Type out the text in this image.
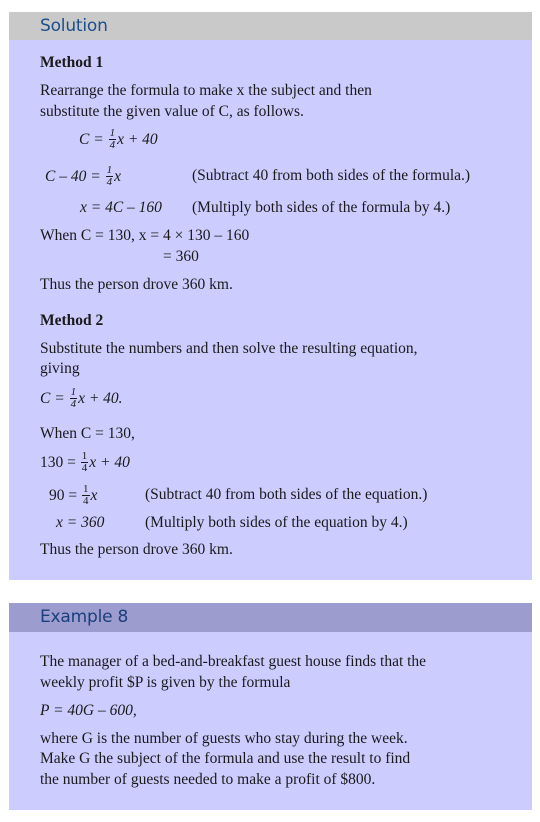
Solution
Method 1
Rearrange the formula to make x the subject and then
substitute the given value of C, as follows.
$C = \frac{1}{4}$ x + 40
$C - 40 = \frac{1}{4}$ x	(Subtract 40 from both sides of the formula.)
x = 4C – 160 (Multiply both sides of the formula by 4.)
When C = 130, x = 4 × 130 – 160
= 360
Thus the person drove 360 km.
Method 2
Substitute the numbers and then solve the resulting equation,
giving
$C = \frac{1}{4}$ x + 40.
When C = 130,
$130 = \frac{1}{4}$ x + 40
$90 = \frac{1}{4}$ x	(Subtract 40 from both sides of the equation.)
x = 360	(Multiply both sides of the equation by 4.)
Thus the person drove 360 km.
Example 8
The manager of a bed-and-breakfast guest house finds that the
weekly profit $P is given by the formula
P = 40G – 600,
where G is the number of guests who stay during the week.
Make G the subject of the formula and use the result to find
the number of guests needed to make a profit of $800.
